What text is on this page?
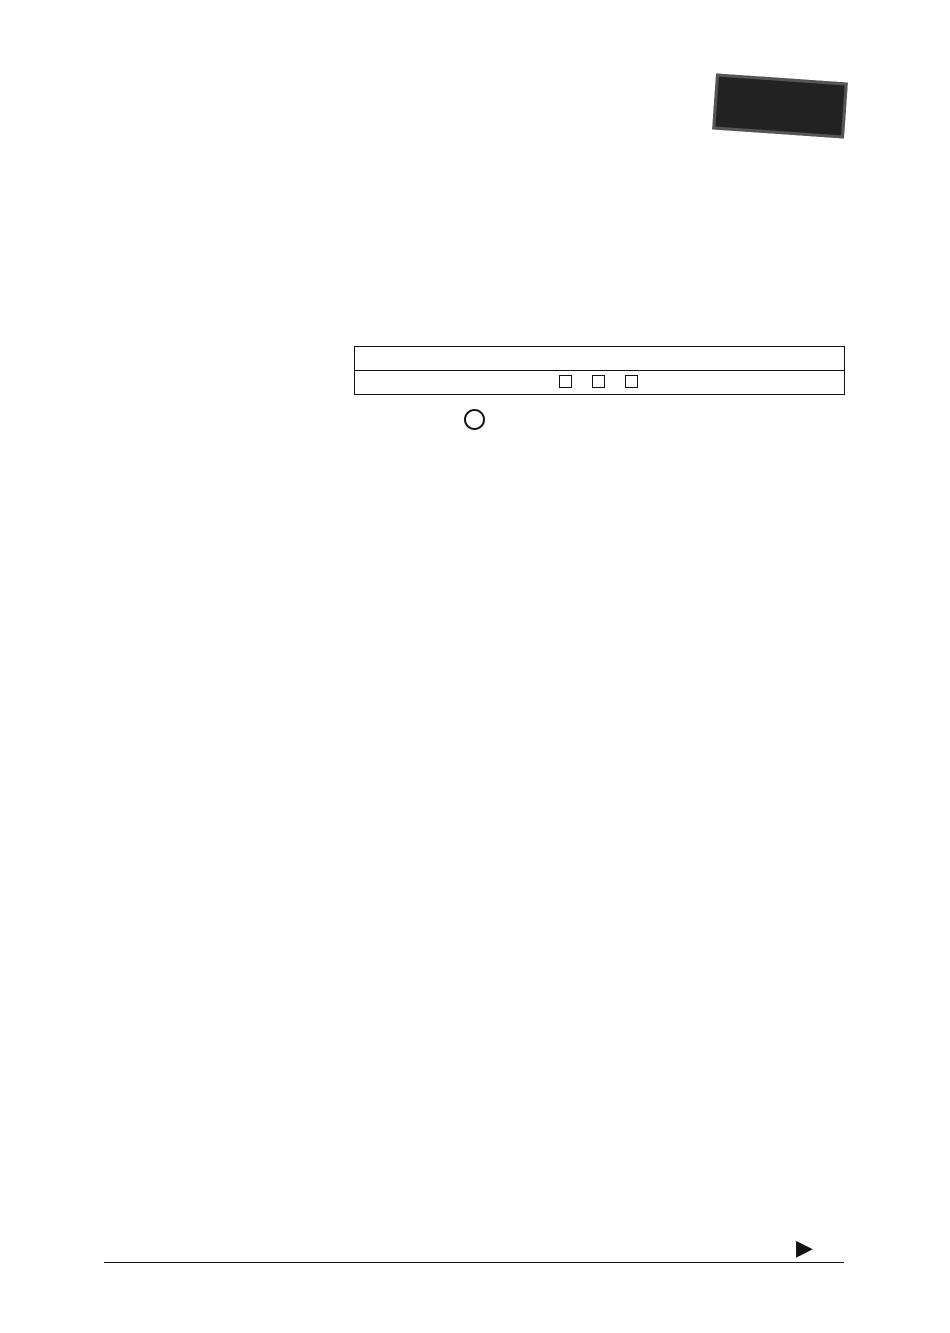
▶
